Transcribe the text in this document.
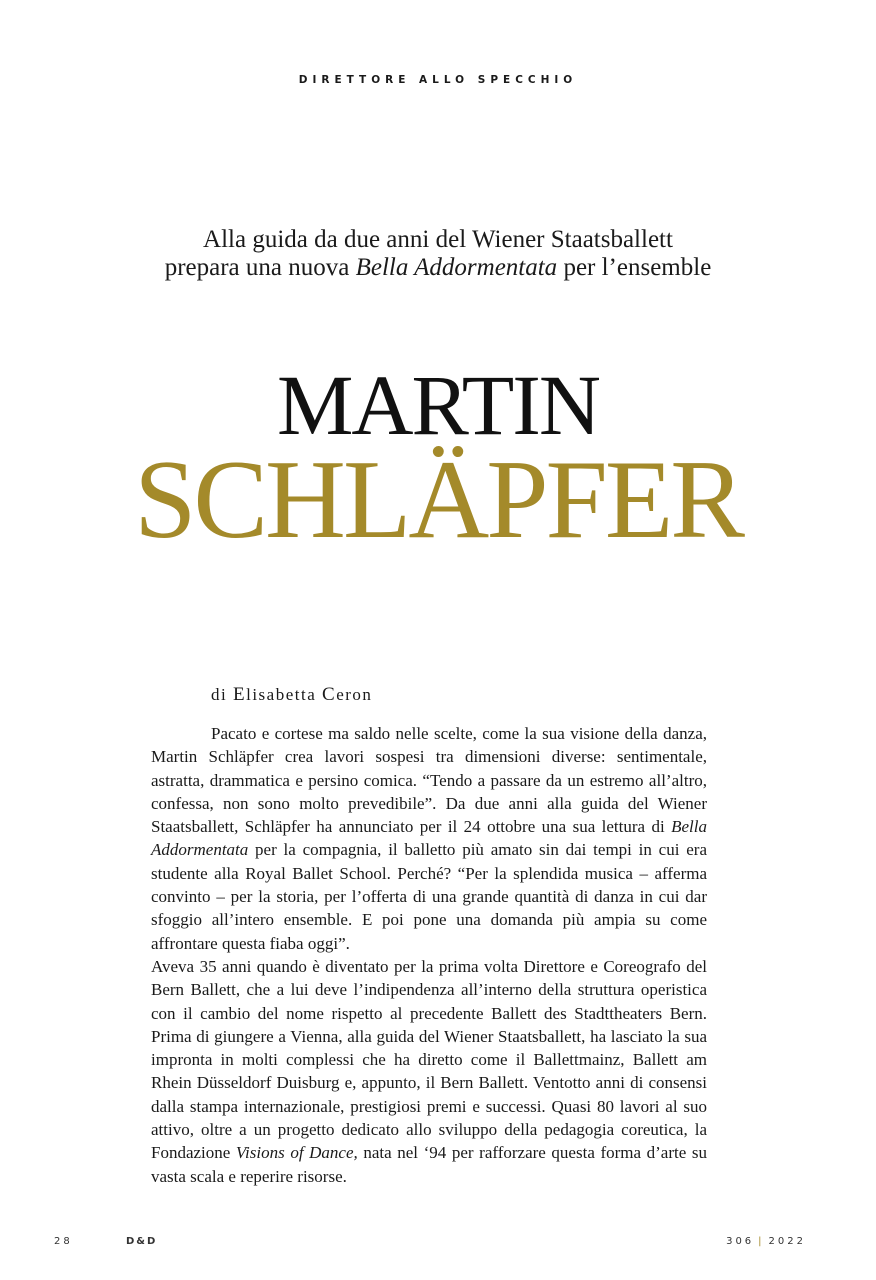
DIRETTORE ALLO SPECCHIO
Alla guida da due anni del Wiener Staatsballett
prepara una nuova Bella Addormentata per l’ensemble
MARTIN
SCHLÄPFER
di Elisabetta Ceron

Pacato e cortese ma saldo nelle scelte, come la sua visione della danza, Martin Schläpfer crea lavori sospesi tra dimensioni diverse: sentimentale, astratta, drammatica e persino comica. “Tendo a passare da un estremo all’altro, confessa, non sono molto prevedibile”. Da due anni alla guida del Wiener Staatsballett, Schläpfer ha annunciato per il 24 ottobre una sua lettura di Bella Addormentata per la compagnia, il balletto più amato sin dai tempi in cui era studente alla Royal Ballet School. Perché? “Per la splendida musica – afferma convinto – per la storia, per l’offerta di una grande quantità di danza in cui dar sfoggio all’intero ensemble. E poi pone una domanda più ampia su come affrontare questa fiaba oggi”.

Aveva 35 anni quando è diventato per la prima volta Direttore e Coreografo del Bern Ballett, che a lui deve l’indipendenza all’interno della struttura operistica con il cambio del nome rispetto al precedente Ballett des Stadttheaters Bern. Prima di giungere a Vienna, alla guida del Wiener Staatsballett, ha lasciato la sua impronta in molti complessi che ha diretto come il Ballettmainz, Ballett am Rhein Düsseldorf Duisburg e, appunto, il Bern Ballett. Ventotto anni di consensi dalla stampa internazionale, prestigiosi premi e successi. Quasi 80 lavori al suo attivo, oltre a un progetto dedicato allo sviluppo della pedagogia coreutica, la Fondazione Visions of Dance, nata nel ‘94 per rafforzare questa forma d’arte su vasta scala e reperire risorse.

28	D&D	306 | 2022
